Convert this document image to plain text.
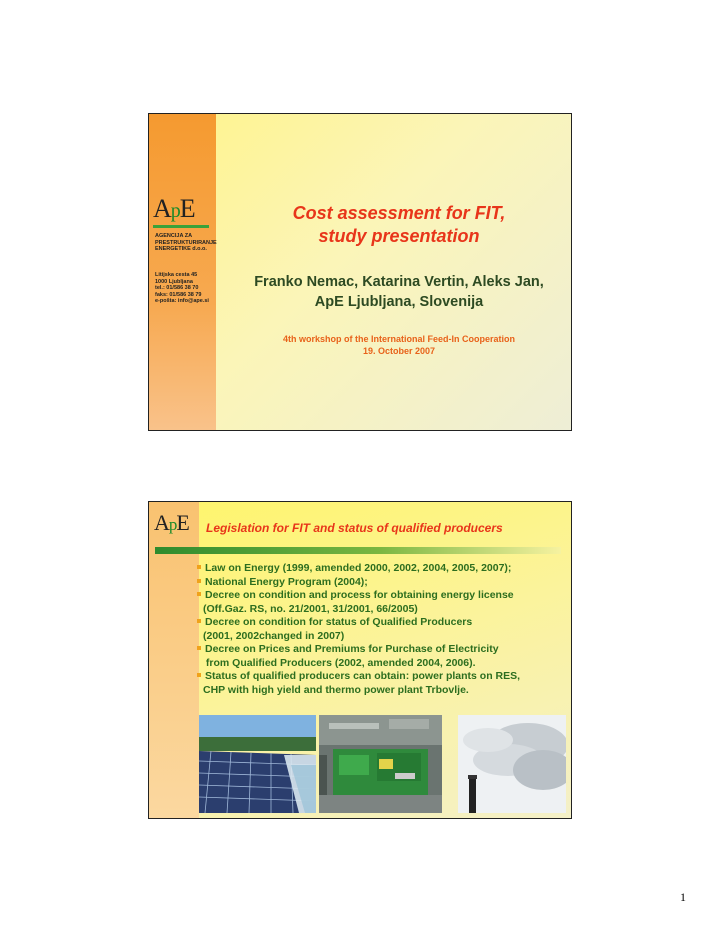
ApE
AGENCIJA ZA
PRESTRUKTURIRANJE
ENERGETIKE d.o.o.
Litijska cesta 45
1000 Ljubljana
tel.: 01/586 38 70
faks: 01/586 38 79
e-pošta: info@ape.si
Cost assessment for FIT,
study presentation
Franko Nemac, Katarina Vertin, Aleks Jan,
ApE Ljubljana, Slovenija
4th workshop of the International Feed-In Cooperation
19. October 2007
ApE Legislation for FIT and status of qualified producers
Law on Energy (1999, amended 2000, 2002, 2004, 2005, 2007);
National Energy Program (2004);
Decree on condition and process for obtaining energy license
(Off.Gaz. RS, no. 21/2001, 31/2001, 66/2005)
Decree on condition for status of Qualified Producers
(2001, 2002changed in 2007)
Decree on Prices and Premiums for Purchase of Electricity
from Qualified Producers (2002, amended 2004, 2006).
Status of qualified producers can obtain: power plants on RES,
CHP with high yield and thermo power plant Trbovlje.
1
